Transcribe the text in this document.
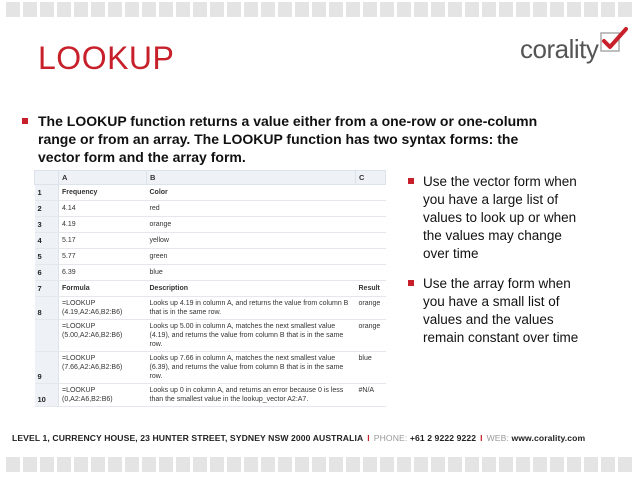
LOOKUP	corality
The LOOKUP function returns a value either from a one-row or one-column range or from an array. The LOOKUP function has two syntax forms: the vector form and the array form.
	A	B	C
1	Frequency	Color	
2	4.14	red	
3	4.19	orange	
4	5.17	yellow	
5	5.77	green	
6	6.39	blue	
7	Formula	Description	Result
8	=LOOKUP (4.19,A2:A6,B2:B6)	Looks up 4.19 in column A, and returns the value from column B that is in the same row.	orange
	=LOOKUP (5.00,A2:A6,B2:B6)	Looks up 5.00 in column A, matches the next smallest value (4.19), and returns the value from column B that is in the same row.	orange
9	=LOOKUP (7.66,A2:A6,B2:B6)	Looks up 7.66 in column A, matches the next smallest value (6.39), and returns the value from column B that is in the same row.	blue
10	=LOOKUP (0,A2:A6,B2:B6)	Looks up 0 in column A, and returns an error because 0 is less than the smallest value in the lookup_vector A2:A7.	#N/A
Use the vector form when you have a large list of values to look up or when the values may change over time
Use the array form when you have a small list of values and the values remain constant over time
LEVEL 1, CURRENCY HOUSE, 23 HUNTER STREET, SYDNEY NSW 2000 AUSTRALIA I PHONE: +61 2 9222 9222 I WEB: www.corality.com
